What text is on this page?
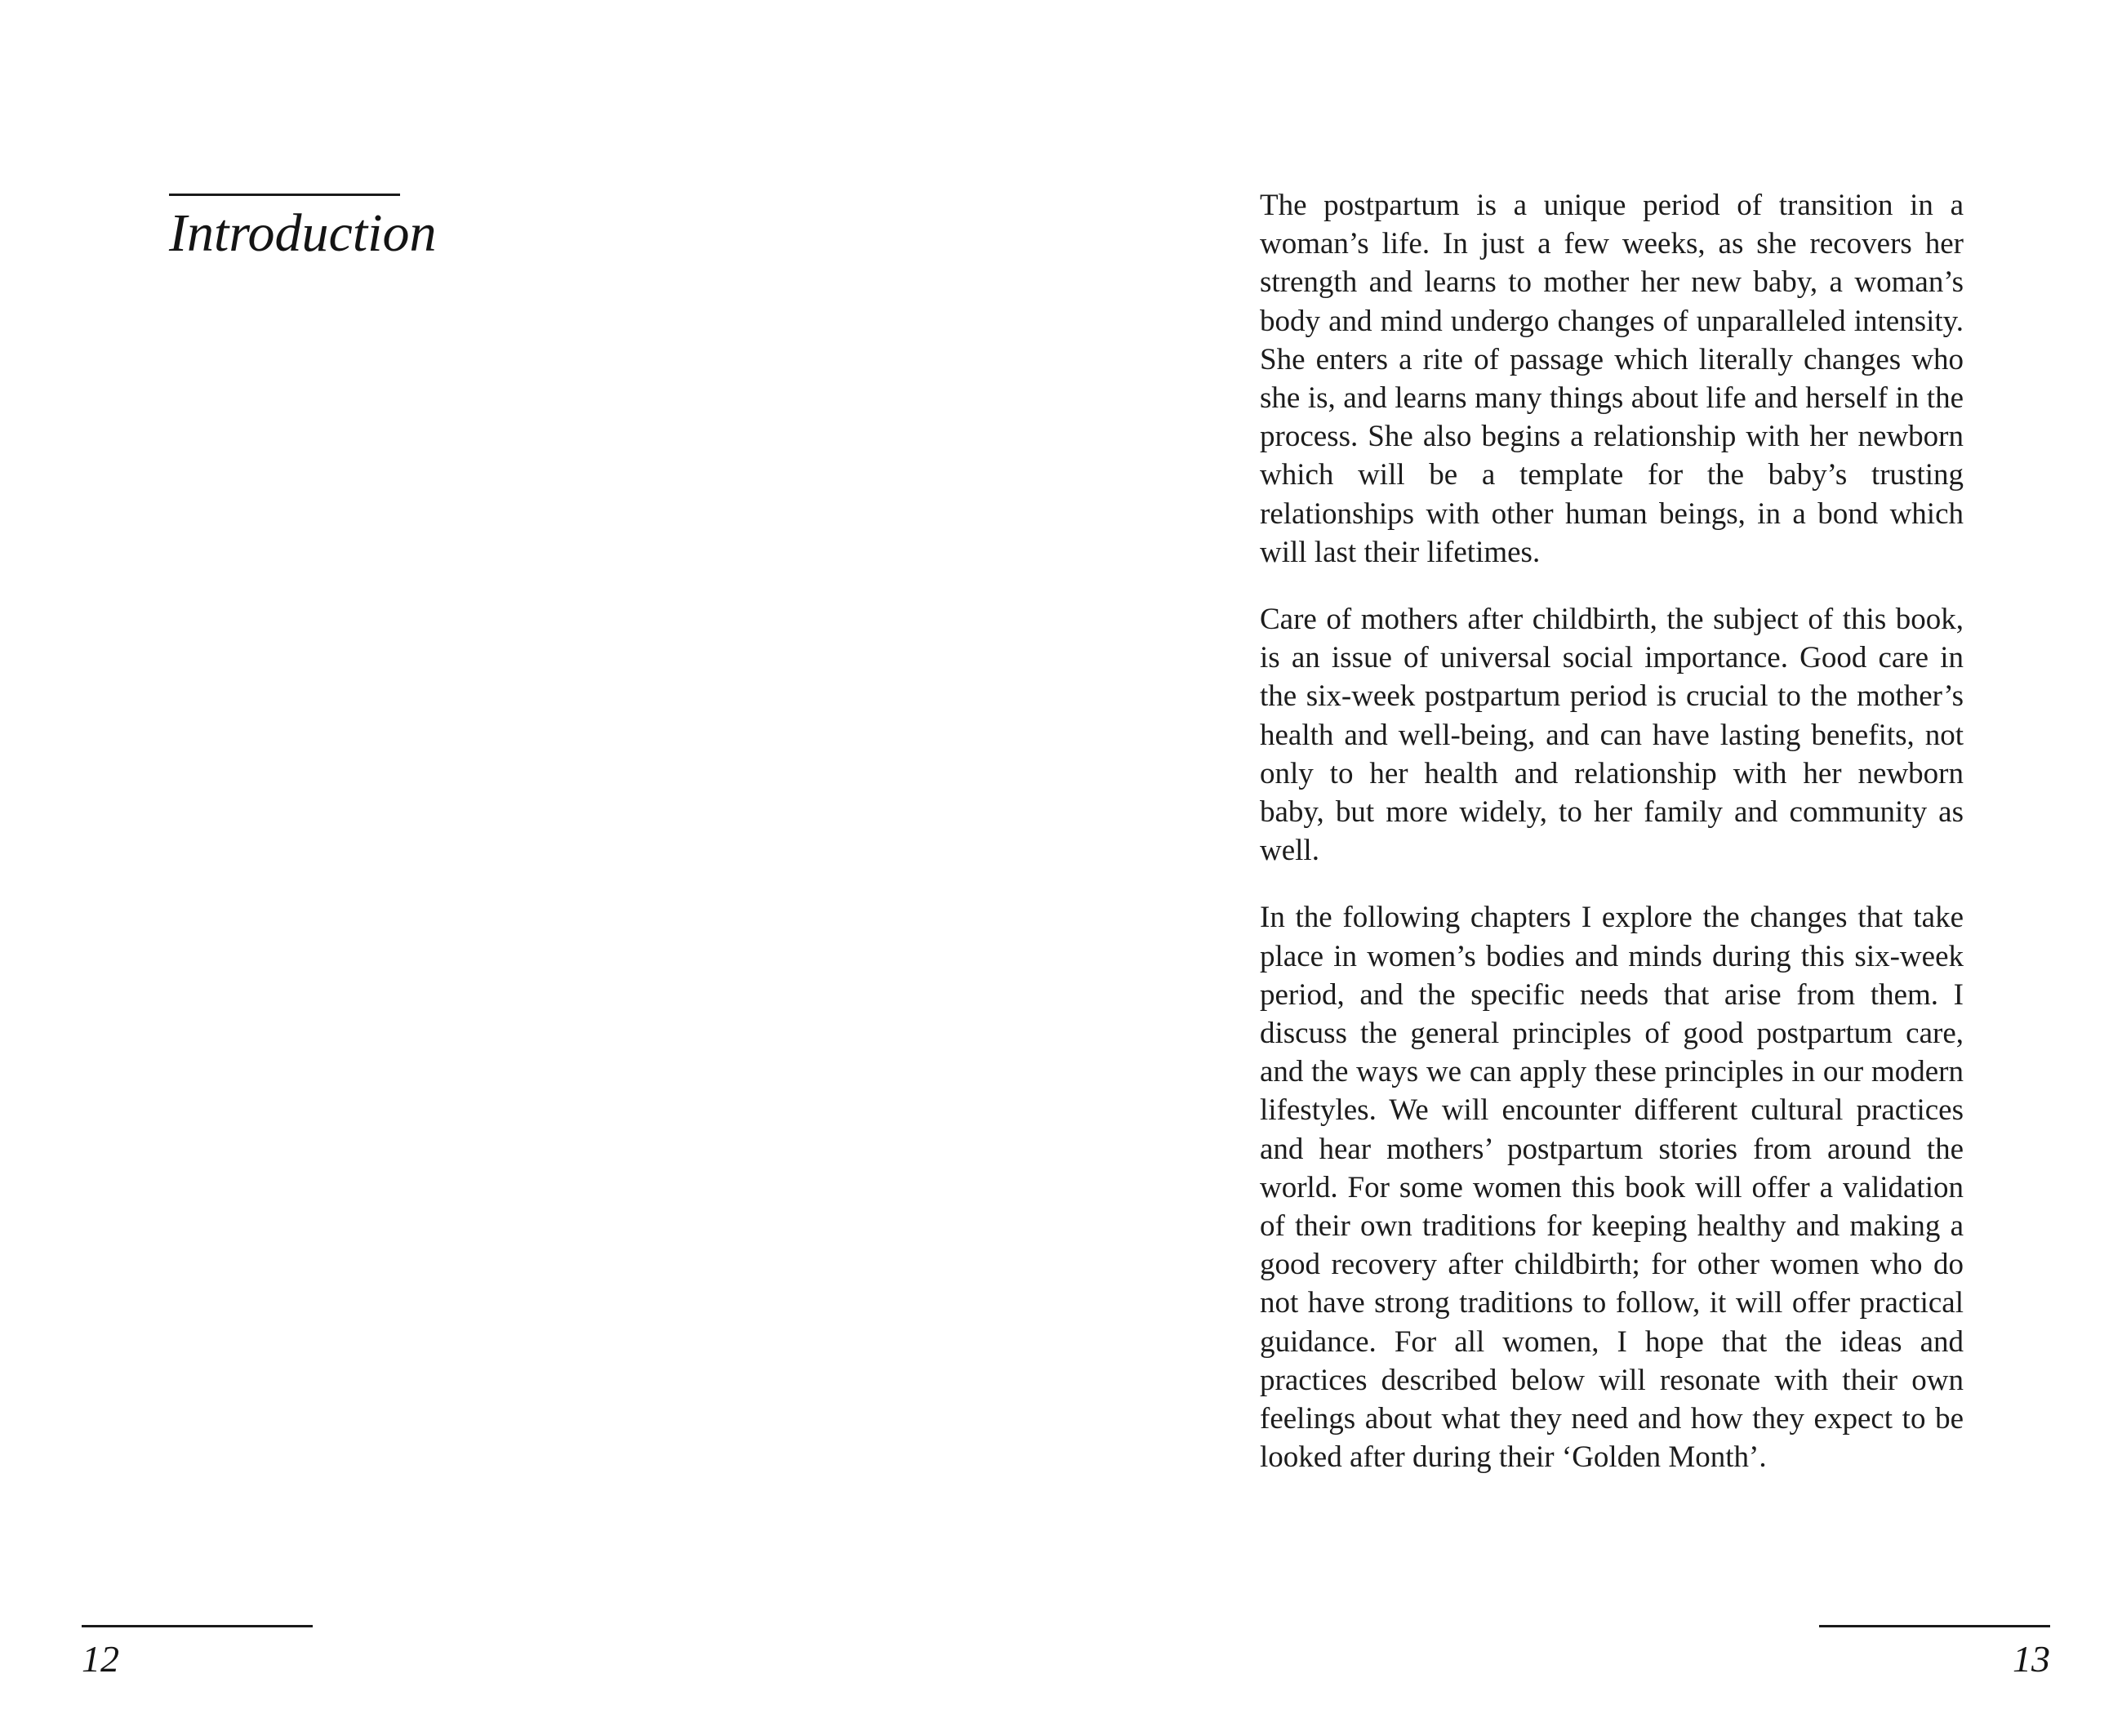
Introduction
12

The postpartum is a unique period of transition in a woman’s life. In just a few weeks, as she recovers her strength and learns to mother her new baby, a woman’s body and mind undergo changes of unparalleled intensity. She enters a rite of passage which literally changes who she is, and learns many things about life and herself in the process. She also begins a relationship with her newborn which will be a template for the baby’s trusting relationships with other human beings, in a bond which will last their lifetimes.

Care of mothers after childbirth, the subject of this book, is an issue of universal social importance. Good care in the six-week postpartum period is crucial to the mother’s health and well-being, and can have lasting benefits, not only to her health and relationship with her newborn baby, but more widely, to her family and community as well.

In the following chapters I explore the changes that take place in women’s bodies and minds during this six-week period, and the specific needs that arise from them. I discuss the general principles of good postpartum care, and the ways we can apply these principles in our modern lifestyles. We will encounter different cultural practices and hear mothers’ postpartum stories from around the world. For some women this book will offer a validation of their own traditions for keeping healthy and making a good recovery after childbirth; for other women who do not have strong traditions to follow, it will offer practical guidance. For all women, I hope that the ideas and practices described below will resonate with their own feelings about what they need and how they expect to be looked after during their ‘Golden Month’.

13
